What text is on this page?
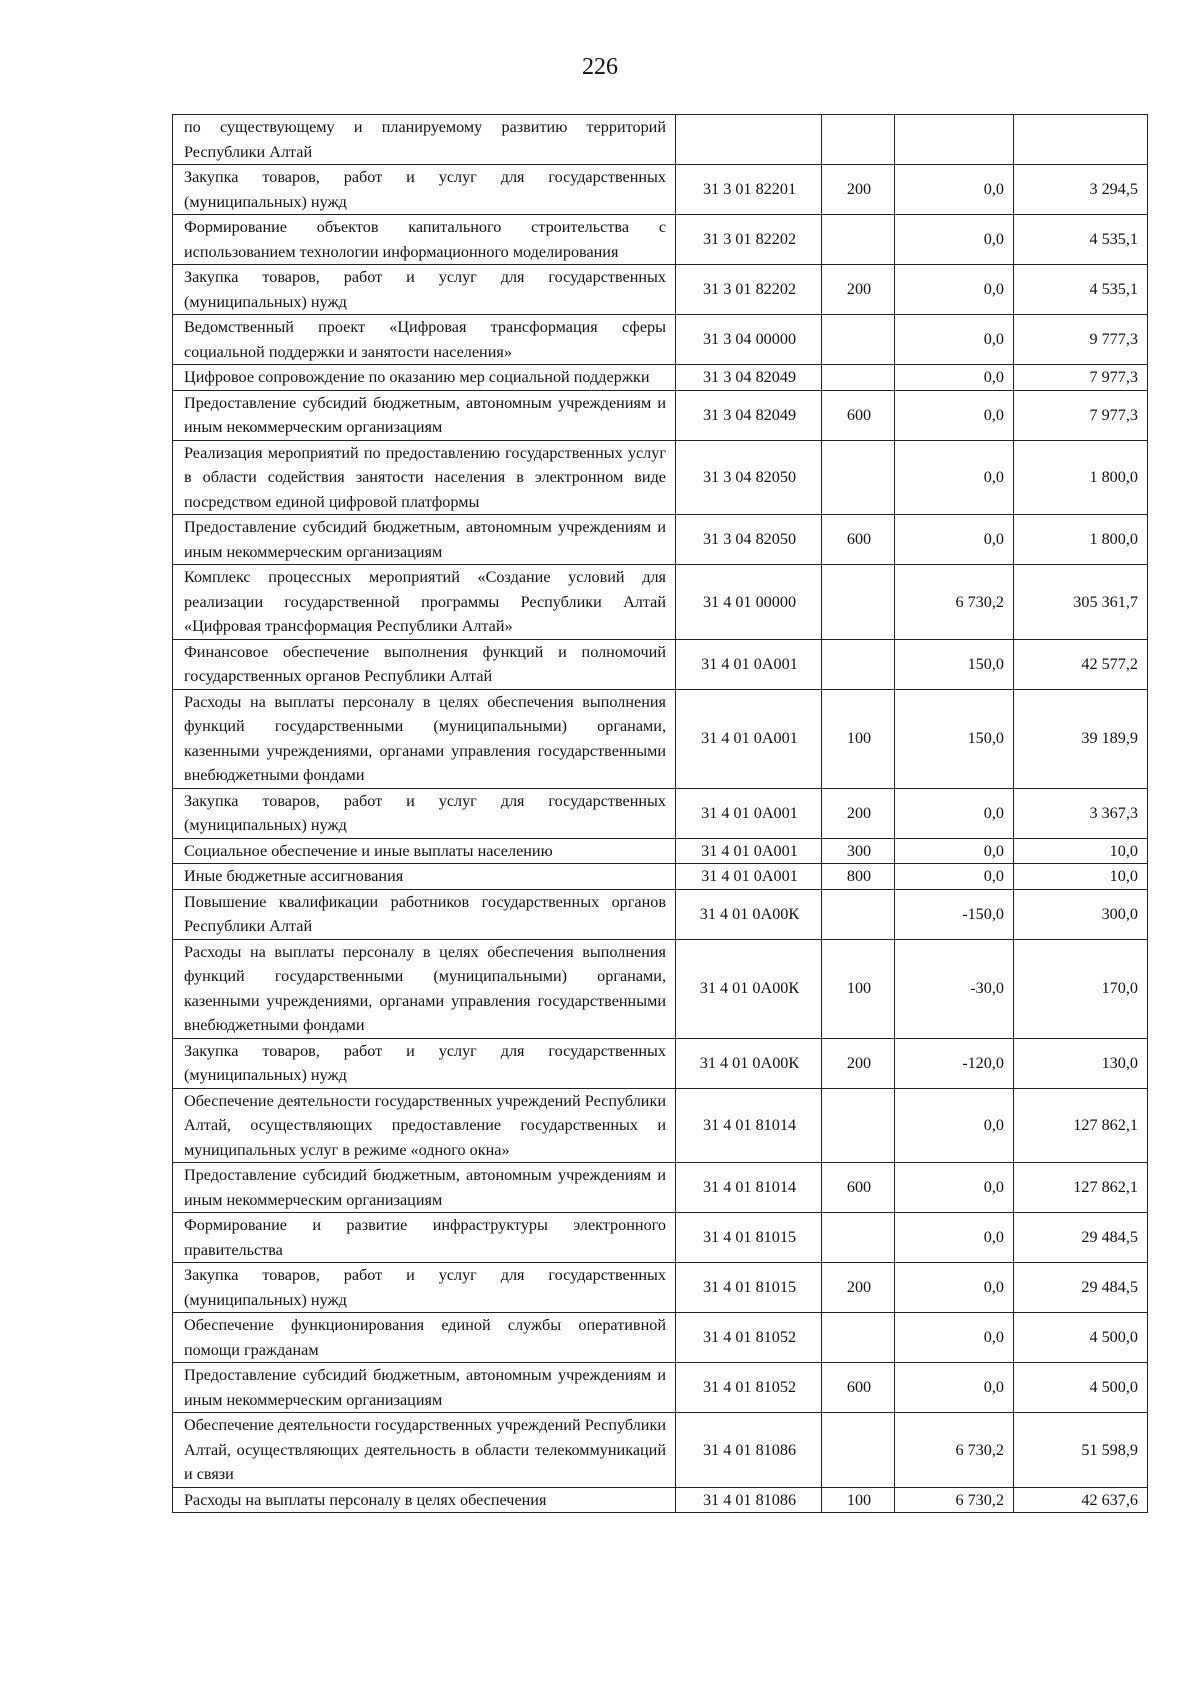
226
по существующему и планируемому развитию территорий Республики Алтай				
Закупка товаров, работ и услуг для государственных (муниципальных) нужд	31 3 01 82201	200	0,0	3 294,5
Формирование объектов капитального строительства с использованием технологии информационного моделирования	31 3 01 82202		0,0	4 535,1
Закупка товаров, работ и услуг для государственных (муниципальных) нужд	31 3 01 82202	200	0,0	4 535,1
Ведомственный проект «Цифровая трансформация сферы социальной поддержки и занятости населения»	31 3 04 00000		0,0	9 777,3
Цифровое сопровождение по оказанию мер социальной поддержки	31 3 04 82049		0,0	7 977,3
Предоставление субсидий бюджетным, автономным учреждениям и иным некоммерческим организациям	31 3 04 82049	600	0,0	7 977,3
Реализация мероприятий по предоставлению государственных услуг в области содействия занятости населения в электронном виде посредством единой цифровой платформы	31 3 04 82050		0,0	1 800,0
Предоставление субсидий бюджетным, автономным учреждениям и иным некоммерческим организациям	31 3 04 82050	600	0,0	1 800,0
Комплекс процессных мероприятий «Создание условий для реализации государственной программы Республики Алтай «Цифровая трансформация Республики Алтай»	31 4 01 00000		6 730,2	305 361,7
Финансовое обеспечение выполнения функций и полномочий государственных органов Республики Алтай	31 4 01 0А001		150,0	42 577,2
Расходы на выплаты персоналу в целях обеспечения выполнения функций государственными (муниципальными) органами, казенными учреждениями, органами управления государственными внебюджетными фондами	31 4 01 0А001	100	150,0	39 189,9
Закупка товаров, работ и услуг для государственных (муниципальных) нужд	31 4 01 0А001	200	0,0	3 367,3
Социальное обеспечение и иные выплаты населению	31 4 01 0А001	300	0,0	10,0
Иные бюджетные ассигнования	31 4 01 0А001	800	0,0	10,0
Повышение квалификации работников государственных органов Республики Алтай	31 4 01 0А00К		-150,0	300,0
Расходы на выплаты персоналу в целях обеспечения выполнения функций государственными (муниципальными) органами, казенными учреждениями, органами управления государственными внебюджетными фондами	31 4 01 0А00К	100	-30,0	170,0
Закупка товаров, работ и услуг для государственных (муниципальных) нужд	31 4 01 0А00К	200	-120,0	130,0
Обеспечение деятельности государственных учреждений Республики Алтай, осуществляющих предоставление государственных и муниципальных услуг в режиме «одного окна»	31 4 01 81014		0,0	127 862,1
Предоставление субсидий бюджетным, автономным учреждениям и иным некоммерческим организациям	31 4 01 81014	600	0,0	127 862,1
Формирование и развитие инфраструктуры электронного правительства	31 4 01 81015		0,0	29 484,5
Закупка товаров, работ и услуг для государственных (муниципальных) нужд	31 4 01 81015	200	0,0	29 484,5
Обеспечение функционирования единой службы оперативной помощи гражданам	31 4 01 81052		0,0	4 500,0
Предоставление субсидий бюджетным, автономным учреждениям и иным некоммерческим организациям	31 4 01 81052	600	0,0	4 500,0
Обеспечение деятельности государственных учреждений Республики Алтай, осуществляющих деятельность в области телекоммуникаций и связи	31 4 01 81086		6 730,2	51 598,9
Расходы на выплаты персоналу в целях обеспечения	31 4 01 81086	100	6 730,2	42 637,6
